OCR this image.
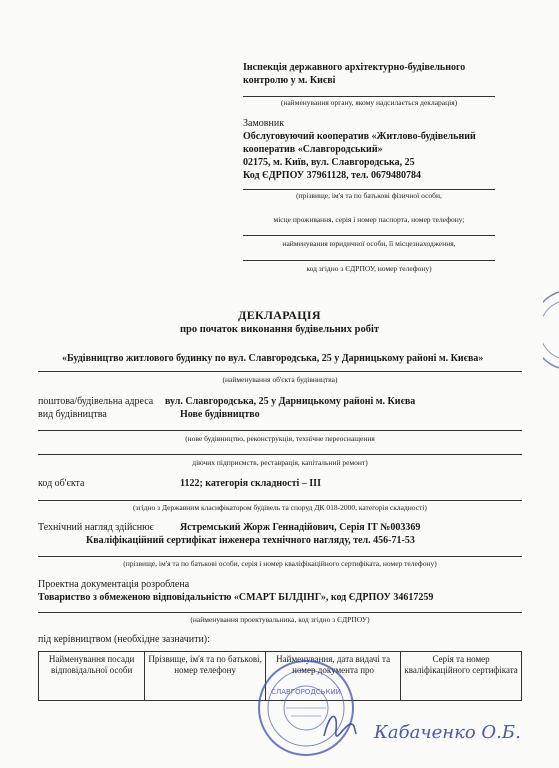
Інспекція державного архітектурно-будівельного
контролю у м. Києві
(найменування органу, якому надсилається декларація)
Замовник
Обслуговуючий кооператив «Житлово-будівельний
кооператив «Славгородський»
02175, м. Київ, вул. Славгородська, 25
Код ЄДРПОУ 37961128, тел. 0679480784
(прізвище, ім'я та по батькові фізичної особи,
місце проживання, серія і номер паспорта, номер телефону;
найменування юридичної особи, її місцезнаходження,
код згідно з ЄДРПОУ, номер телефону)
ДЕКЛАРАЦІЯ
про початок виконання будівельних робіт
«Будівництво житлового будинку по вул. Славгородська, 25 у Дарницькому районі м. Києва»
(найменування об'єкта будівництва)
поштова/будівельна адреса вул. Славгородська, 25 у Дарницькому районі м. Києва
вид будівництва	Нове будівництво
(нове будівництво, реконструкція, технічне переоснащення
діючих підприємств, реставрація, капітальний ремонт)
код об'єкта	1122; категорія складності – ІІІ
(згідно з Державним класифікатором будівель та споруд ДК 018-2000, категорія складності)
Технічний нагляд здійснює	Ястремський Жорж Геннадійович, Серія ІТ №003369
Кваліфікаційний сертифікат інженера технічного нагляду, тел. 456-71-53
(прізвище, ім'я та по батькові особи, серія і номер кваліфікаційного сертифіката, номер телефону)
Проектна документація розроблена
Товариство з обмеженою відповідальністю «СМАРТ БІЛДІНГ», код ЄДРПОУ 34617259
(найменування проектувальника, код згідно з ЄДРПОУ)
під керівництвом (необхідне зазначити):
Найменування посади відповідальної особи	Прізвище, ім'я та по батькові, номер телефону	Найменування, дата видачі та номер документа про	Серія та номер кваліфікаційного сертифіката
СЛАВГОРОДСЬКИЙ
Кабаченко О.Б.
